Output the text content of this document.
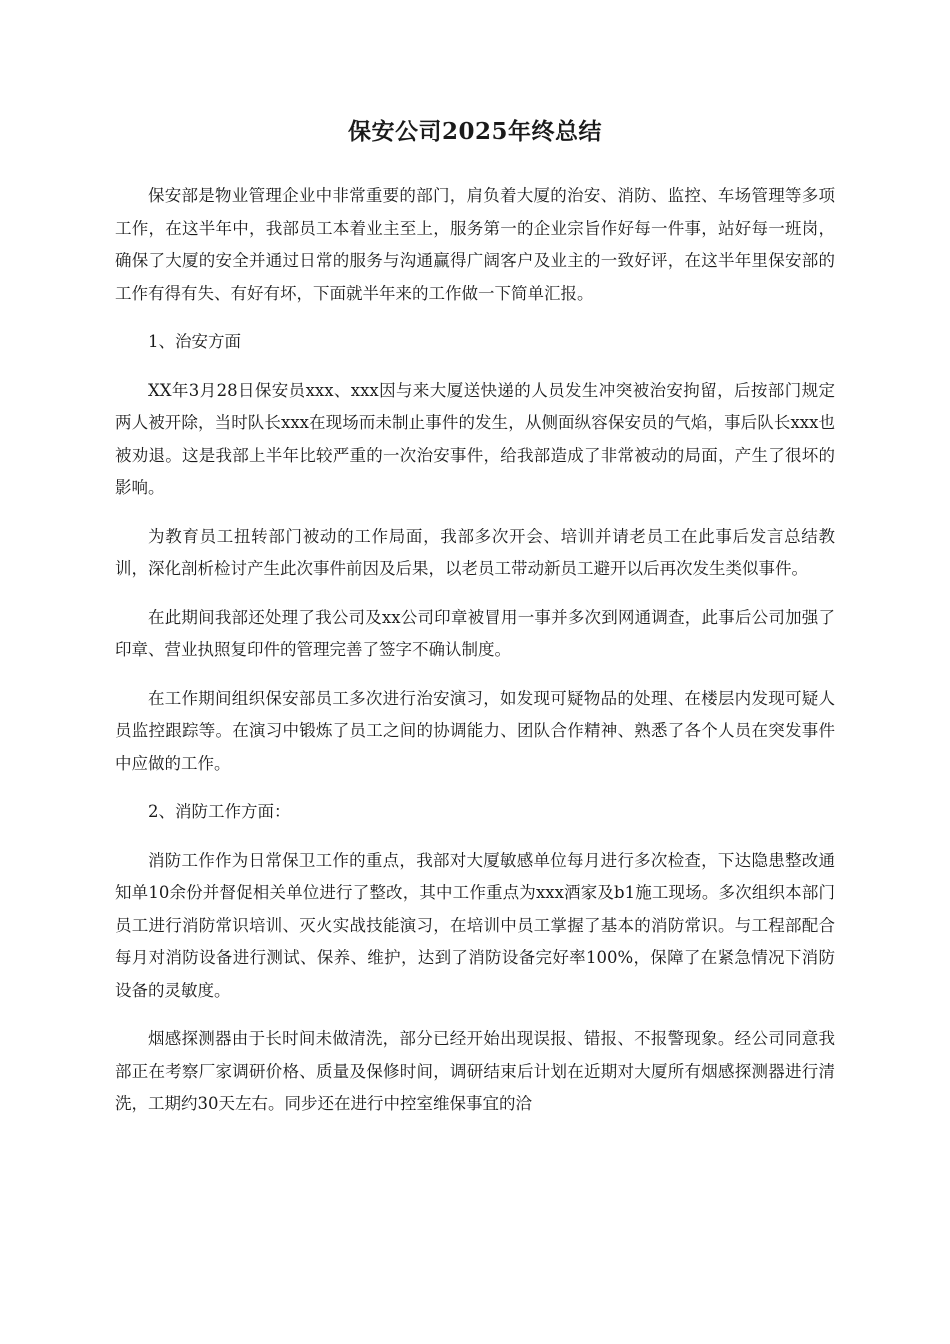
保安公司2025年终总结

保安部是物业管理企业中非常重要的部门，肩负着大厦的治安、消防、监控、车场管理等多项工作，在这半年中，我部员工本着业主至上，服务第一的企业宗旨作好每一件事，站好每一班岗，确保了大厦的安全并通过日常的服务与沟通赢得广阔客户及业主的一致好评，在这半年里保安部的工作有得有失、有好有坏，下面就半年来的工作做一下简单汇报。

1、治安方面

XX年3月28日保安员xxx、xxx因与来大厦送快递的人员发生冲突被治安拘留，后按部门规定两人被开除，当时队长xxx在现场而未制止事件的发生，从侧面纵容保安员的气焰，事后队长xxx也被劝退。这是我部上半年比较严重的一次治安事件，给我部造成了非常被动的局面，产生了很坏的影响。

为教育员工扭转部门被动的工作局面，我部多次开会、培训并请老员工在此事后发言总结教训，深化剖析检讨产生此次事件前因及后果，以老员工带动新员工避开以后再次发生类似事件。

在此期间我部还处理了我公司及xx公司印章被冒用一事并多次到网通调查，此事后公司加强了印章、营业执照复印件的管理完善了签字不确认制度。

在工作期间组织保安部员工多次进行治安演习，如发现可疑物品的处理、在楼层内发现可疑人员监控跟踪等。在演习中锻炼了员工之间的协调能力、团队合作精神、熟悉了各个人员在突发事件中应做的工作。

2、消防工作方面：

消防工作作为日常保卫工作的重点，我部对大厦敏感单位每月进行多次检查，下达隐患整改通知单10余份并督促相关单位进行了整改，其中工作重点为xxx酒家及b1施工现场。多次组织本部门员工进行消防常识培训、灭火实战技能演习，在培训中员工掌握了基本的消防常识。与工程部配合每月对消防设备进行测试、保养、维护，达到了消防设备完好率100%，保障了在紧急情况下消防设备的灵敏度。

烟感探测器由于长时间未做清洗，部分已经开始出现误报、错报、不报警现象。经公司同意我部正在考察厂家调研价格、质量及保修时间，调研结束后计划在近期对大厦所有烟感探测器进行清洗，工期约30天左右。同步还在进行中控室维保事宜的洽
